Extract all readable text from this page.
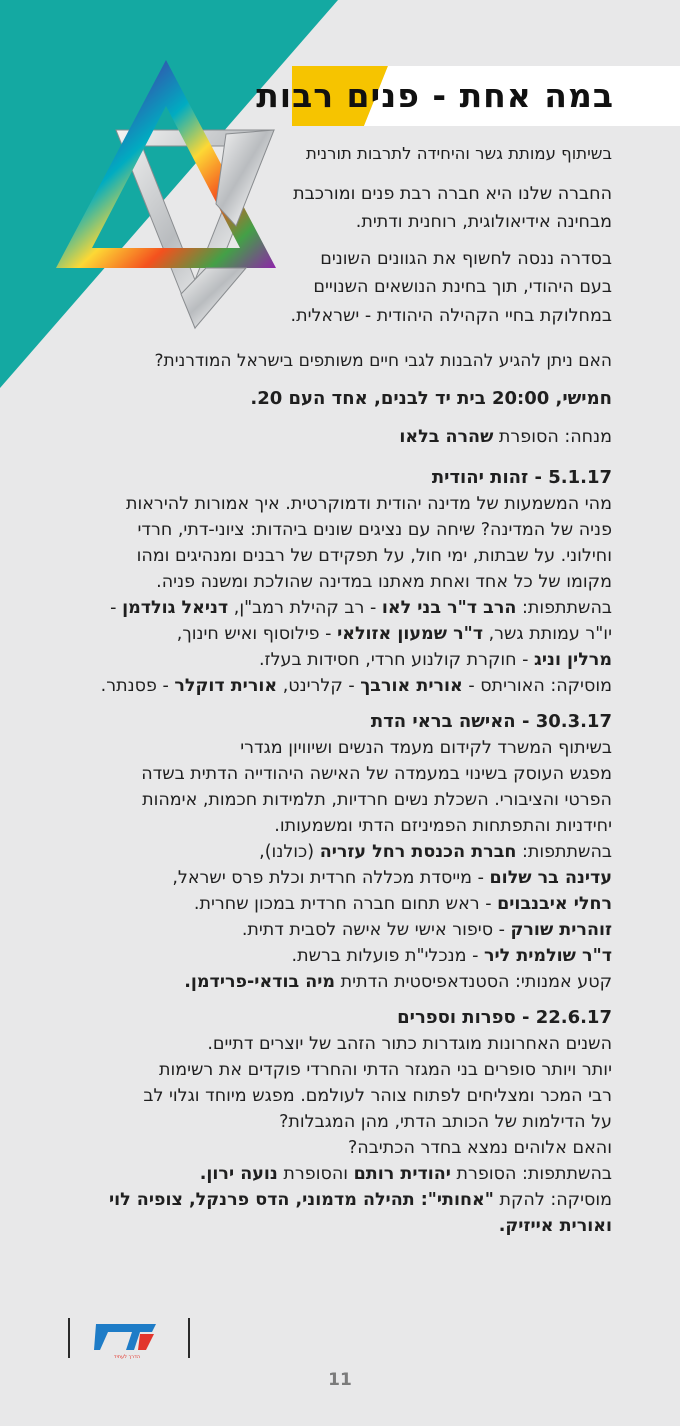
במה אחת - פנים רבות

בשיתוף עמותת גשר והיחידה לתרבות תורנית

החברה שלנו היא חברה רבת פנים ומורכבת
מבחינה אידיאולוגית, רוחנית ודתית.

בסדרה ננסה לחשוף את הגוונים השונים
בעם היהודי, תוך בחינת הנושאים השנויים
במחלוקת בחיי הקהילה היהודית - ישראלית.

האם ניתן להגיע להבנות לגבי חיים משותפים בישראל המודרנית?

חמישי, 20:00 בית יד לבנים, אחד העם 20.

מנחה: הסופרת שהרה בלאו

5.1.17 - זהות יהודית

מהי המשמעות של מדינה יהודית ודמוקרטית. איך אמורות להיראות

פניה של המדינה? שיחה עם נציגים שונים ביהדות: ציוני-דתי, חרדי

וחילוני. על שבתות, ימי חול, על תפקידם של רבנים ומנהיגים ומהו

מקומו של כל אחד ואחת מאתנו במדינה שהולכת ומשנה פניה.

בהשתתפות: הרב ד"ר בני לאו - רב קהילת רמב"ן, דניאל גולדמן -

יו"ר עמותת גשר, ד"ר שמעון אזולאי - פילוסוף ואיש חינוך,

מרלין וניג - חוקרת קולנוע חרדי, חסידות בעלז.

מוסיקה: האוריתס - אורית אורבך - קלרינט, אורית דוקלר - פסנתר.

30.3.17 - האישה בראי הדת

בשיתוף המשרד לקידום מעמד הנשים ושיוויון מגדרי

מפגש העוסק בשינוי במעמדה של האישה היהודייה הדתית בשדה

הפרטי והציבורי. השכלת נשים חרדיות, תלמידות חכמות, אימהות

יחידניות והתפתחות הפמיניזם הדתי ומשמעותו.

בהשתתפות: חברת הכנסת רחל עזריה (כולנו),

עדינה בר שלום - מייסדת מכללה חרדית וכלת פרס ישראל,

רחלי איבנבוים - ראש תחום חברה חרדית במכון שחרית.

זוהרית שורק - סיפור אישי של אישה לסבית דתית.

ד"ר שולמית ליר - מנכלי"ת פועלות ברשת.

קטע אמנותי: הסטנדאפיסטית הדתית מיה בודאי-פרידמן.

22.6.17 - ספרות וספרים

השנים האחרונות מוגדרות כתור הזהב של יוצרים דתיים.

יותר ויותר סופרים בני המגזר הדתי והחרדי פוקדים את רשימות

רבי המכר ומצליחים לפתוח צוהר לעולמם. מפגש מיוחד וגלוי לב

על הדילמות של הכותב הדתי, מהן המגבלות?

והאם אלוהים נמצא בחדר הכתיבה?

בהשתתפות: הסופרת יהודית רותם והסופרת נועה ירון.

מוסיקה: להקת "אחותי": תהילה מדמוני, הדס פרנקל, צופיה לוי

ואורית אייזיק.

הדרך לעתיד
11
